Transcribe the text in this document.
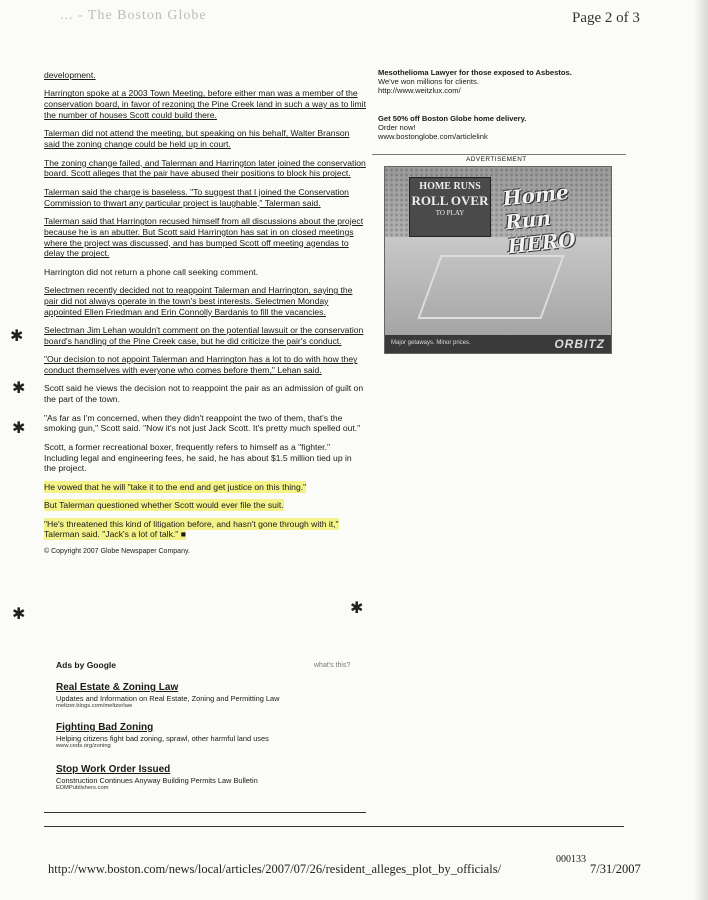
... - The Boston Globe	Page 2 of 3

development.

Harrington spoke at a 2003 Town Meeting, before either man was a member of the conservation board, in favor of rezoning the Pine Creek land in such a way as to limit the number of houses Scott could build there.

Talerman did not attend the meeting, but speaking on his behalf, Walter Branson said the zoning change could be held up in court.

The zoning change failed, and Talerman and Harrington later joined the conservation board. Scott alleges that the pair have abused their positions to block his project.

Talerman said the charge is baseless. "To suggest that I joined the Conservation Commission to thwart any particular project is laughable," Talerman said.

Talerman said that Harrington recused himself from all discussions about the project because he is an abutter. But Scott said Harrington has sat in on closed meetings where the project was discussed, and has bumped Scott off meeting agendas to delay the project.

Harrington did not return a phone call seeking comment.

Selectmen recently decided not to reappoint Talerman and Harrington, saying the pair did not always operate in the town's best interests. Selectmen Monday appointed Ellen Friedman and Erin Connolly Bardanis to fill the vacancies.

Selectman Jim Lehan wouldn't comment on the potential lawsuit or the conservation board's handling of the Pine Creek case, but he did criticize the pair's conduct.

"Our decision to not appoint Talerman and Harrington has a lot to do with how they conduct themselves with everyone who comes before them," Lehan said.

Scott said he views the decision not to reappoint the pair as an admission of guilt on the part of the town.

"As far as I'm concerned, when they didn't reappoint the two of them, that's the smoking gun," Scott said. "Now it's not just Jack Scott. It's pretty much spelled out."

Scott, a former recreational boxer, frequently refers to himself as a "fighter." Including legal and engineering fees, he said, he has about $1.5 million tied up in the project.

He vowed that he will "take it to the end and get justice on this thing."

But Talerman questioned whether Scott would ever file the suit.

"He's threatened this kind of litigation before, and hasn't gone through with it," Talerman said. "Jack's a lot of talk." ■

© Copyright 2007 Globe Newspaper Company.
✱
✱
✱
✱	✱
Ads by Google	what's this?
Real Estate & Zoning Law
Updates and Information on Real Estate, Zoning and Permitting Law
meltzer.blogs.com/meltzerlaw
Fighting Bad Zoning
Helping citizens fight bad zoning, sprawl, other harmful land uses
www.ceds.org/zoning
Stop Work Order Issued
Construction Continues Anyway Building Permits Law Bulletin
EDMPublishers.com
Mesothelioma Lawyer for those exposed to Asbestos.
We've won millions for clients.
http://www.weitzlux.com/
Get 50% off Boston Globe home delivery.
Order now!
www.bostonglobe.com/articlelink
ADVERTISEMENT
HOME RUNS
ROLL OVER
TO PLAY
Home Run HERO
Major getaways. Minor prices.	ORBITZ
http://www.boston.com/news/local/articles/2007/07/26/resident_alleges_plot_by_officials/
000133
7/31/2007
